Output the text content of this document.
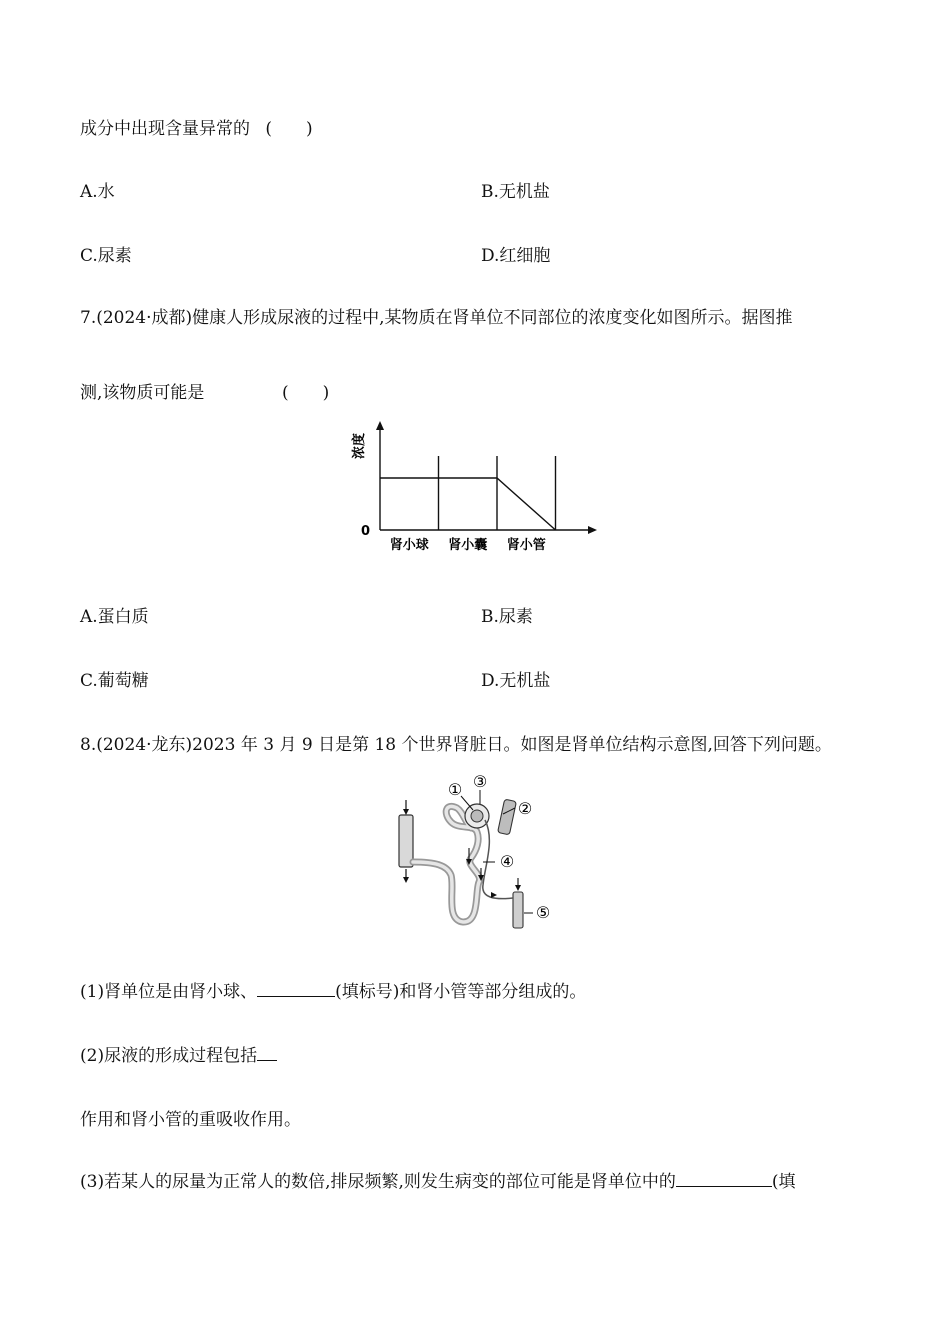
成分中出现含量异常的 (　　)
A.水	B.无机盐
C.尿素	D.红细胞
7.(2024·成都)健康人形成尿液的过程中,某物质在肾单位不同部位的浓度变化如图所示。据图推
测,该物质可能是	(　　)
0
浓度
肾小球 肾小囊 肾小管
A.蛋白质	B.尿素
C.葡萄糖	D.无机盐
8.(2024·龙东)2023 年 3 月 9 日是第 18 个世界肾脏日。如图是肾单位结构示意图,回答下列问题。
① ③
②
④
⑤
(1)肾单位是由肾小球、	(填标号)和肾小管等部分组成的。
(2)尿液的形成过程包括
作用和肾小管的重吸收作用。
(3)若某人的尿量为正常人的数倍,排尿频繁,则发生病变的部位可能是肾单位中的	(填
